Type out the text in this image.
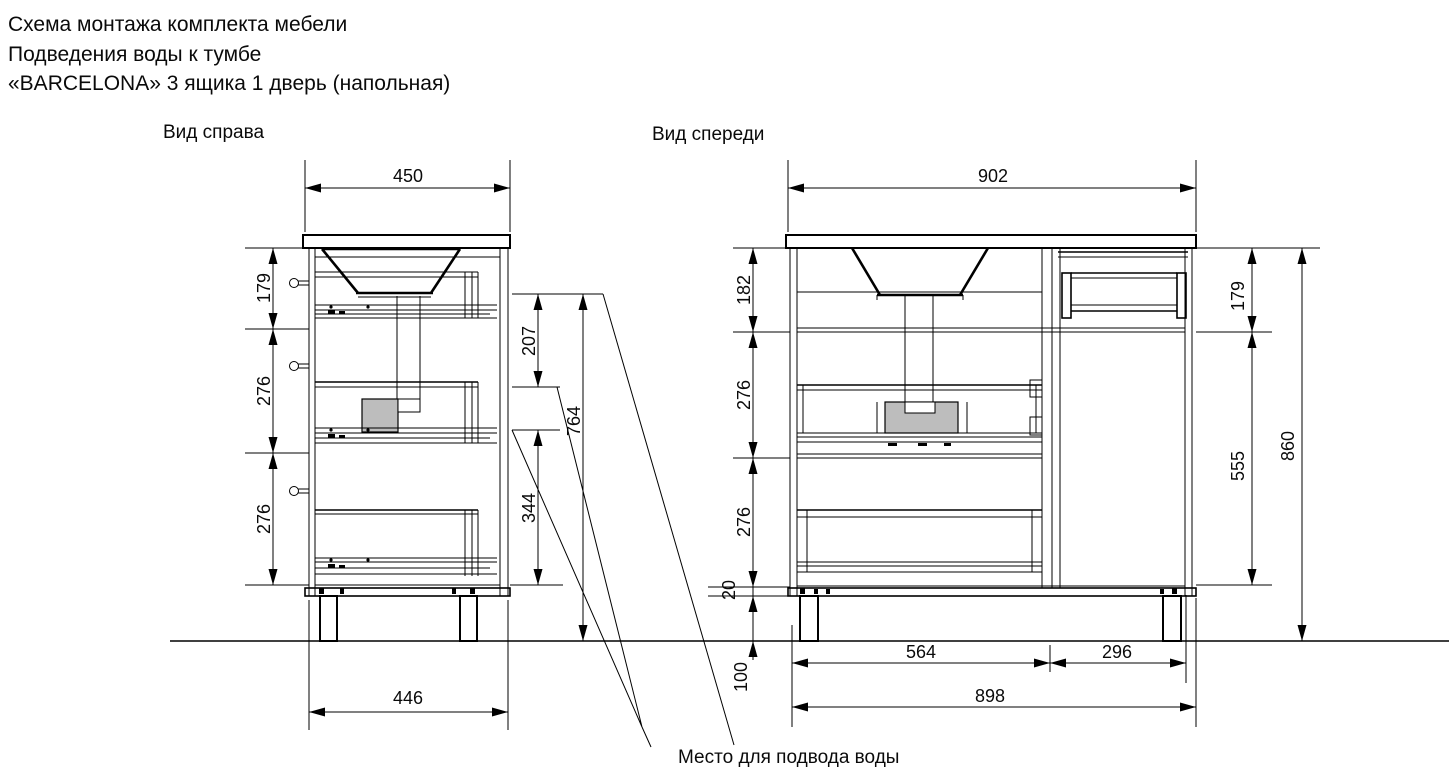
Схема монтажа комплекта мебели
Подведения воды к тумбе
«BARCELONA» 3 ящика 1 дверь (напольная)
Вид справа
450
446
179
276
276
207
344
764
Вид спереди
902
182
276
276
20
100
179
555
860
564	296
898
Место для подвода воды
